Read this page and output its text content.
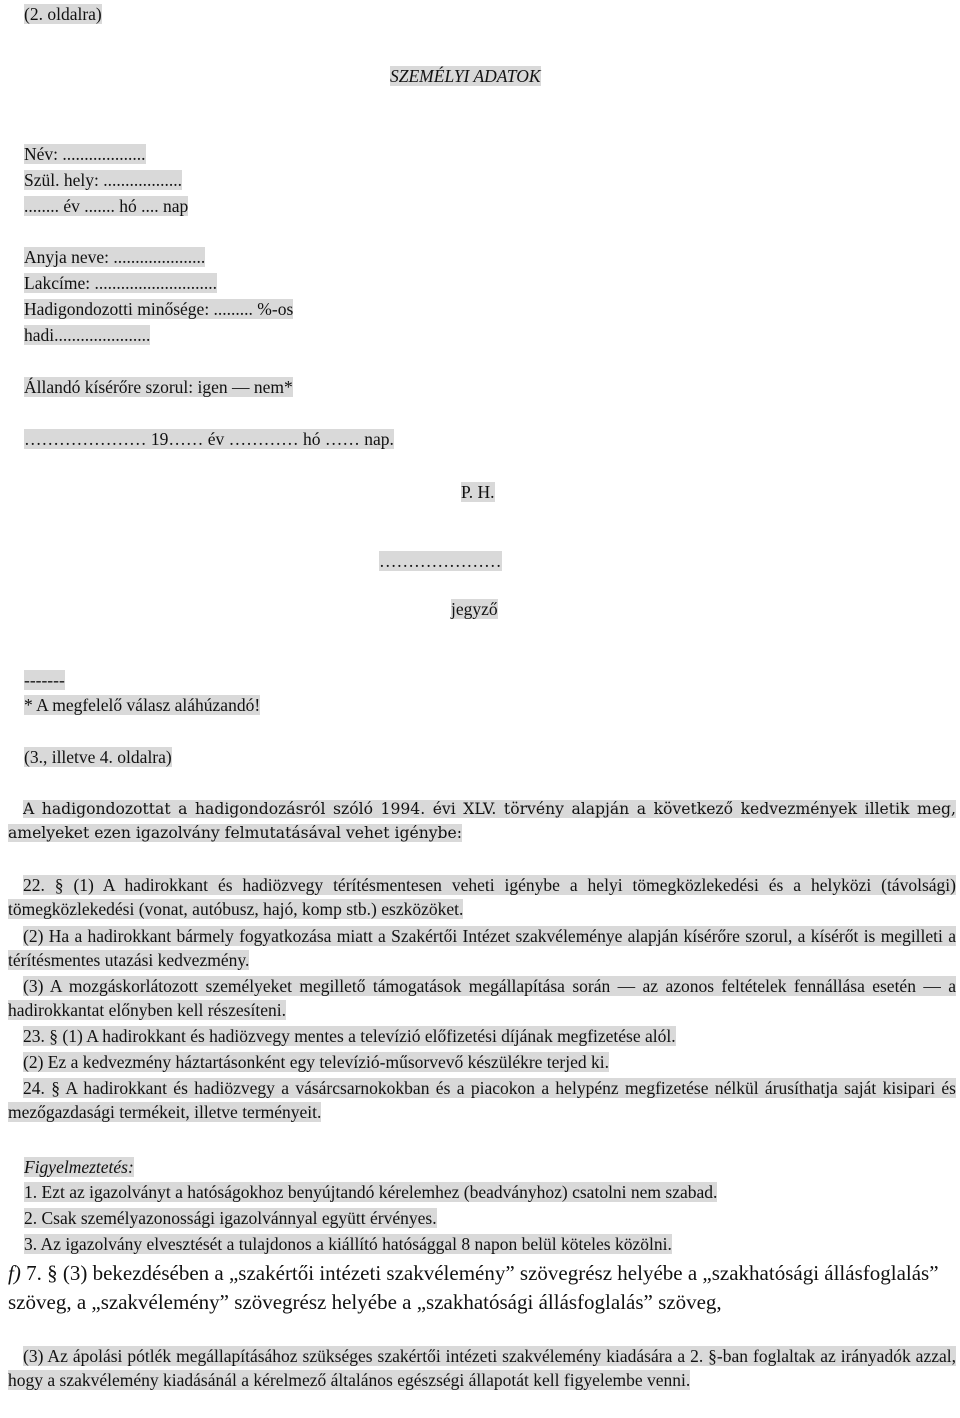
(2. oldalra)
SZEMÉLYI ADATOK
Név: ...................
Szül. hely: ..................
........ év ....... hó .... nap
Anyja neve: .....................
Lakcíme: ............................
Hadigondozotti minősége: ......... %-os
hadi......................
Állandó kísérőre szorul: igen — nem*
………………… 19…… év ………… hó …… nap.
P. H.
…………………
jegyző
-------
* A megfelelő válasz aláhúzandó!
(3., illetve 4. oldalra)
A hadigondozottat a hadigondozásról szóló 1994. évi XLV. törvény alapján a következő kedvezmények illetik meg, amelyeket ezen igazolvány felmutatásával vehet igénybe:
22. § (1) A hadirokkant és hadiözvegy térítésmentesen veheti igénybe a helyi tömegközlekedési és a helyközi (távolsági) tömegközlekedési (vonat, autóbusz, hajó, komp stb.) eszközöket.
(2) Ha a hadirokkant bármely fogyatkozása miatt a Szakértői Intézet szakvéleménye alapján kísérőre szorul, a kísérőt is megilleti a térítésmentes utazási kedvezmény.
(3) A mozgáskorlátozott személyeket megillető támogatások megállapítása során — az azonos feltételek fennállása esetén — a hadirokkantat előnyben kell részesíteni.
23. § (1) A hadirokkant és hadiözvegy mentes a televízió előfizetési díjának megfizetése alól.
(2) Ez a kedvezmény háztartásonként egy televízió-műsorvevő készülékre terjed ki.
24. § A hadirokkant és hadiözvegy a vásárcsarnokokban és a piacokon a helypénz megfizetése nélkül árusíthatja saját kisipari és mezőgazdasági termékeit, illetve terményeit.
Figyelmeztetés:
1. Ezt az igazolványt a hatóságokhoz benyújtandó kérelemhez (beadványhoz) csatolni nem szabad.
2. Csak személyazonossági igazolvánnyal együtt érvényes.
3. Az igazolvány elvesztését a tulajdonos a kiállító hatósággal 8 napon belül köteles közölni.
f) 7. § (3) bekezdésében a „szakértői intézeti szakvélemény” szövegrész helyébe a „szakhatósági állásfoglalás” szöveg, a „szakvélemény” szövegrész helyébe a „szakhatósági állásfoglalás” szöveg,
(3) Az ápolási pótlék megállapításához szükséges szakértői intézeti szakvélemény kiadására a 2. §-ban foglaltak az irányadók azzal, hogy a szakvélemény kiadásánál a kérelmező általános egészségi állapotát kell figyelembe venni.
